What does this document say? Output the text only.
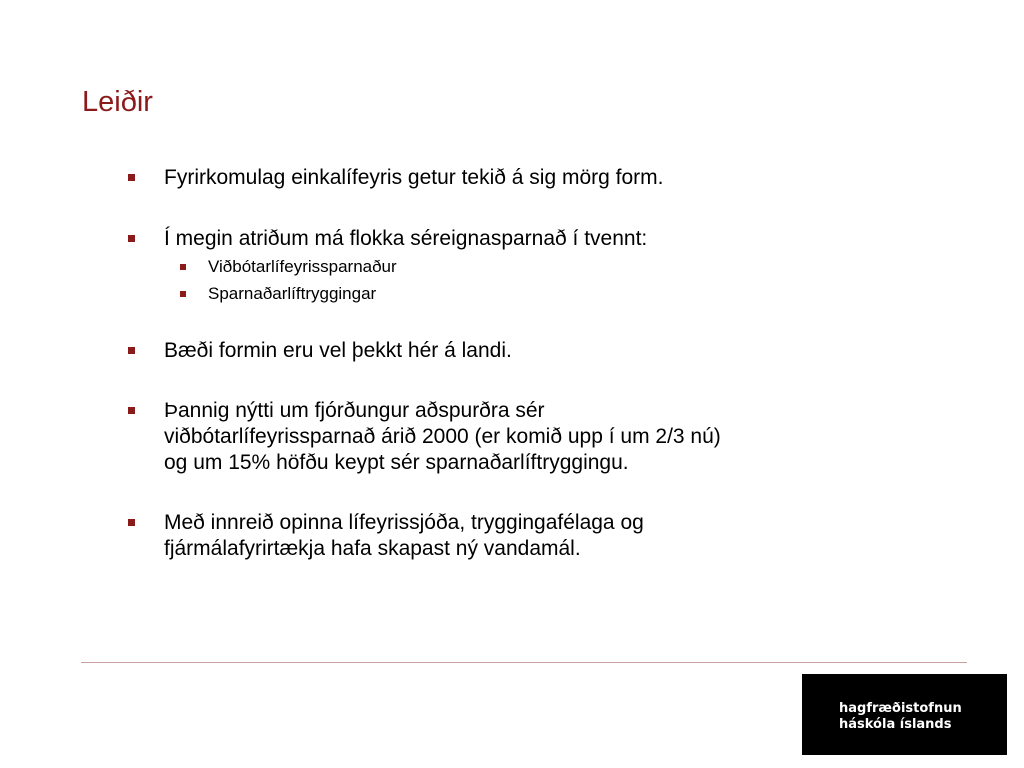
Leiðir
Fyrirkomulag einkalífeyris getur tekið á sig mörg form.
Í megin atriðum má flokka séreignasparnað í tvennt:
Viðbótarlífeyrissparnaður
Sparnaðarlíftryggingar
Bæði formin eru vel þekkt hér á landi.
Þannig nýtti um fjórðungur aðspurðra sér
viðbótarlífeyrissparnað árið 2000 (er komið upp í um 2/3 nú)
og um 15% höfðu keypt sér sparnaðarlíftryggingu.
Með innreið opinna lífeyrissjóða, tryggingafélaga og
fjármálafyrirtækja hafa skapast ný vandamál.
hagfræðistofnun
háskóla íslands
